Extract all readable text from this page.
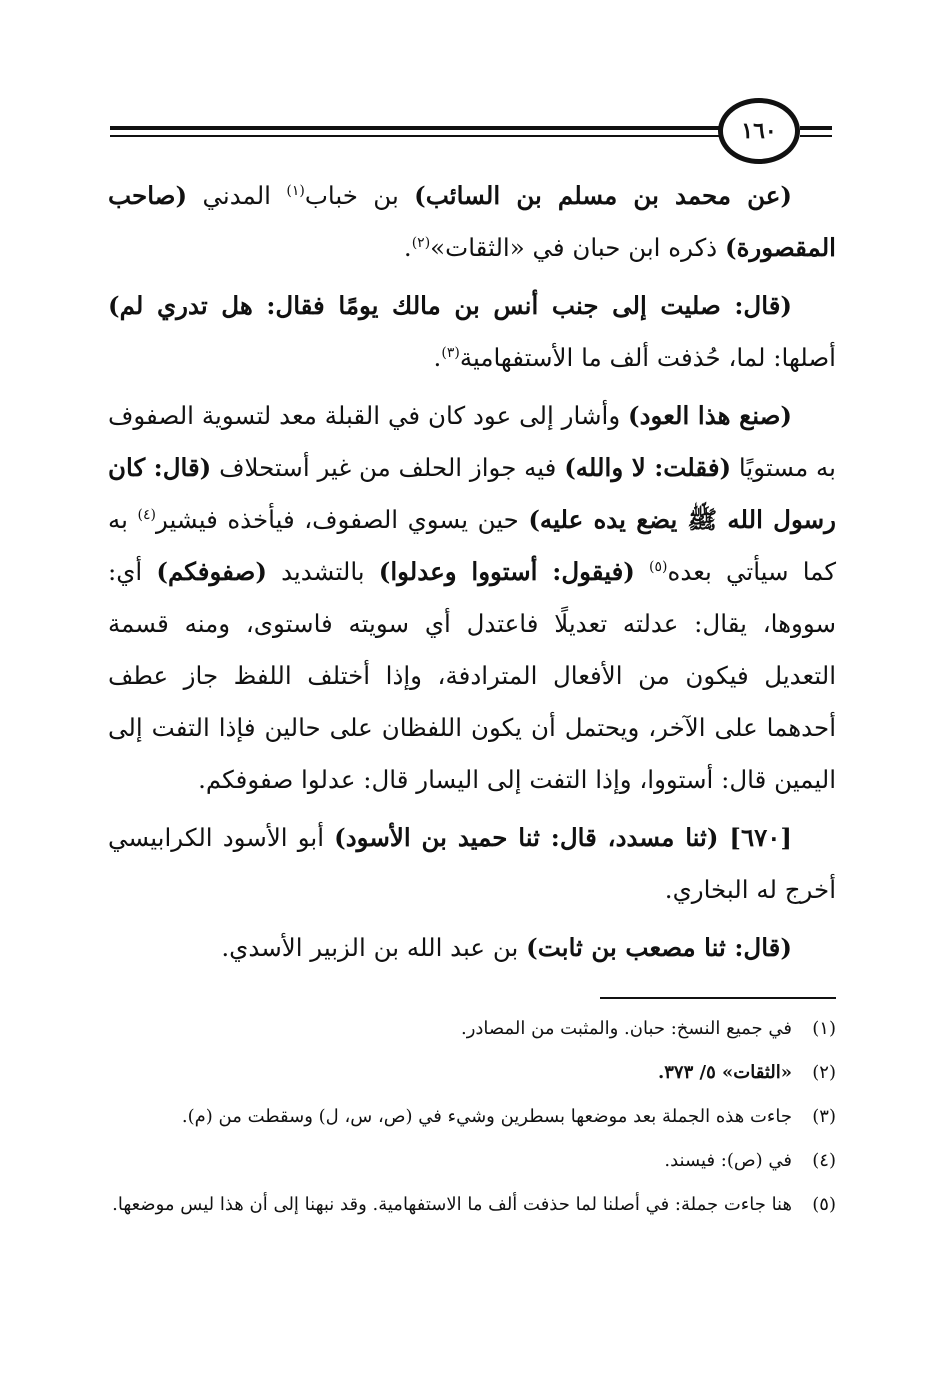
١٦٠

(عن محمد بن مسلم بن السائب) بن خباب$^{(١)}$ المدني (صاحب المقصورة) ذكره ابن حبان في «الثقات»$^{(٢)}$.

(قال: صليت إلى جنب أنس بن مالك يومًا فقال: هل تدري لم) أصلها: لما، حُذفت ألف ما الأستفهامية$^{(٣)}$.

(صنع هذا العود) وأشار إلى عود كان في القبلة معد لتسوية الصفوف به مستويًا (فقلت: لا والله) فيه جواز الحلف من غير أستحلاف (قال: كان رسول الله ﷺ يضع يده عليه) حين يسوي الصفوف، فيأخذه فيشير$^{(٤)}$ به كما سيأتي بعده$^{(٥)}$ (فيقول: أستووا وعدلوا) بالتشديد (صفوفكم) أي: سووها، يقال: عدلته تعديلًا فاعتدل أي سويته فاستوى، ومنه قسمة التعديل فيكون من الأفعال المترادفة، وإذا أختلف اللفظ جاز عطف أحدهما على الآخر، ويحتمل أن يكون اللفظان على حالين فإذا التفت إلى اليمين قال: أستووا، وإذا التفت إلى اليسار قال: عدلوا صفوفكم.

[٦٧٠] (ثنا مسدد، قال: ثنا حميد بن الأسود) أبو الأسود الكرابيسي أخرج له البخاري.

(قال: ثنا مصعب بن ثابت) بن عبد الله بن الزبير الأسدي.

(١)
في جميع النسخ: حبان. والمثبت من المصادر.
(٢)
«الثقات» ٥/ ٣٧٣.
(٣)
جاءت هذه الجملة بعد موضعها بسطرين وشيء في (ص، س، ل) وسقطت من (م).
(٤)
في (ص): فيسند.
(٥)
هنا جاءت جملة: في أصلنا لما حذفت ألف ما الاستفهامية. وقد نبهنا إلى أن هذا ليس موضعها.
